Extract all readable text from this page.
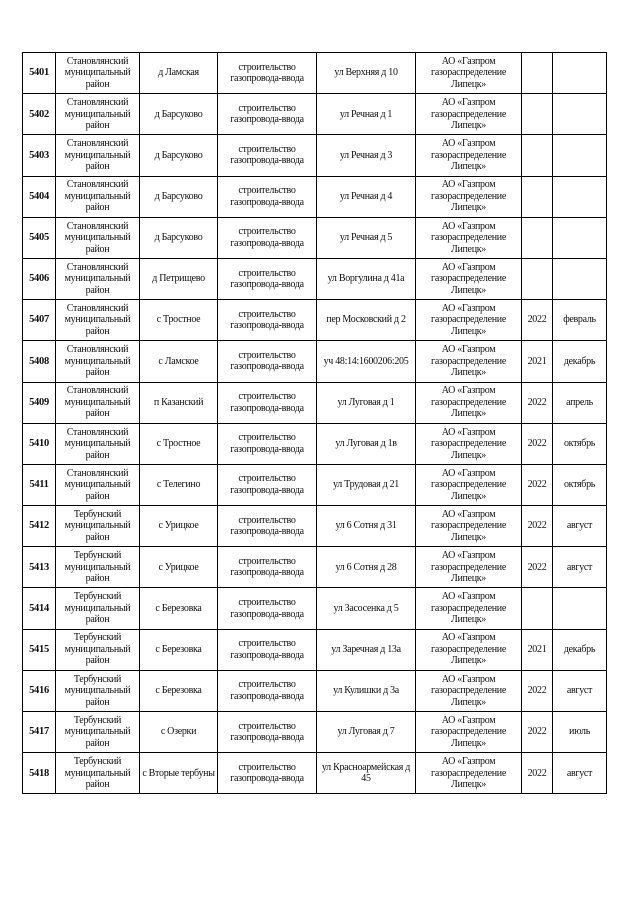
5401	Становлянский муниципальный район	д Ламская	строительство газопровода-ввода	ул Верхняя д 10	АО «Газпром газораспределение Липецк»		
5402	Становлянский муниципальный район	д Барсуково	строительство газопровода-ввода	ул Речная д 1	АО «Газпром газораспределение Липецк»		
5403	Становлянский муниципальный район	д Барсуково	строительство газопровода-ввода	ул Речная д 3	АО «Газпром газораспределение Липецк»		
5404	Становлянский муниципальный район	д Барсуково	строительство газопровода-ввода	ул Речная д 4	АО «Газпром газораспределение Липецк»		
5405	Становлянский муниципальный район	д Барсуково	строительство газопровода-ввода	ул Речная д 5	АО «Газпром газораспределение Липецк»		
5406	Становлянский муниципальный район	д Петрищево	строительство газопровода-ввода	ул Воргулина д 41а	АО «Газпром газораспределение Липецк»		
5407	Становлянский муниципальный район	с Тростное	строительство газопровода-ввода	пер Московский д 2	АО «Газпром газораспределение Липецк»	2022	февраль
5408	Становлянский муниципальный район	с Ламское	строительство газопровода-ввода	уч 48:14:1600206:205	АО «Газпром газораспределение Липецк»	2021	декабрь
5409	Становлянский муниципальный район	п Казанский	строительство газопровода-ввода	ул Луговая д 1	АО «Газпром газораспределение Липецк»	2022	апрель
5410	Становлянский муниципальный район	с Тростное	строительство газопровода-ввода	ул Луговая д 1в	АО «Газпром газораспределение Липецк»	2022	октябрь
5411	Становлянский муниципальный район	с Телегино	строительство газопровода-ввода	ул Трудовая д 21	АО «Газпром газораспределение Липецк»	2022	октябрь
5412	Тербунский муниципальный район	с Урицкое	строительство газопровода-ввода	ул 6 Сотня д 31	АО «Газпром газораспределение Липецк»	2022	август
5413	Тербунский муниципальный район	с Урицкое	строительство газопровода-ввода	ул 6 Сотня д 28	АО «Газпром газораспределение Липецк»	2022	август
5414	Тербунский муниципальный район	с Березовка	строительство газопровода-ввода	ул Засосенка д 5	АО «Газпром газораспределение Липецк»		
5415	Тербунский муниципальный район	с Березовка	строительство газопровода-ввода	ул Заречная д 13а	АО «Газпром газораспределение Липецк»	2021	декабрь
5416	Тербунский муниципальный район	с Березовка	строительство газопровода-ввода	ул Кулишки д 3а	АО «Газпром газораспределение Липецк»	2022	август
5417	Тербунский муниципальный район	с Озерки	строительство газопровода-ввода	ул Луговая д 7	АО «Газпром газораспределение Липецк»	2022	июль
5418	Тербунский муниципальный район	с Вторые тербуны	строительство газопровода-ввода	ул Красноармейская д 45	АО «Газпром газораспределение Липецк»	2022	август
